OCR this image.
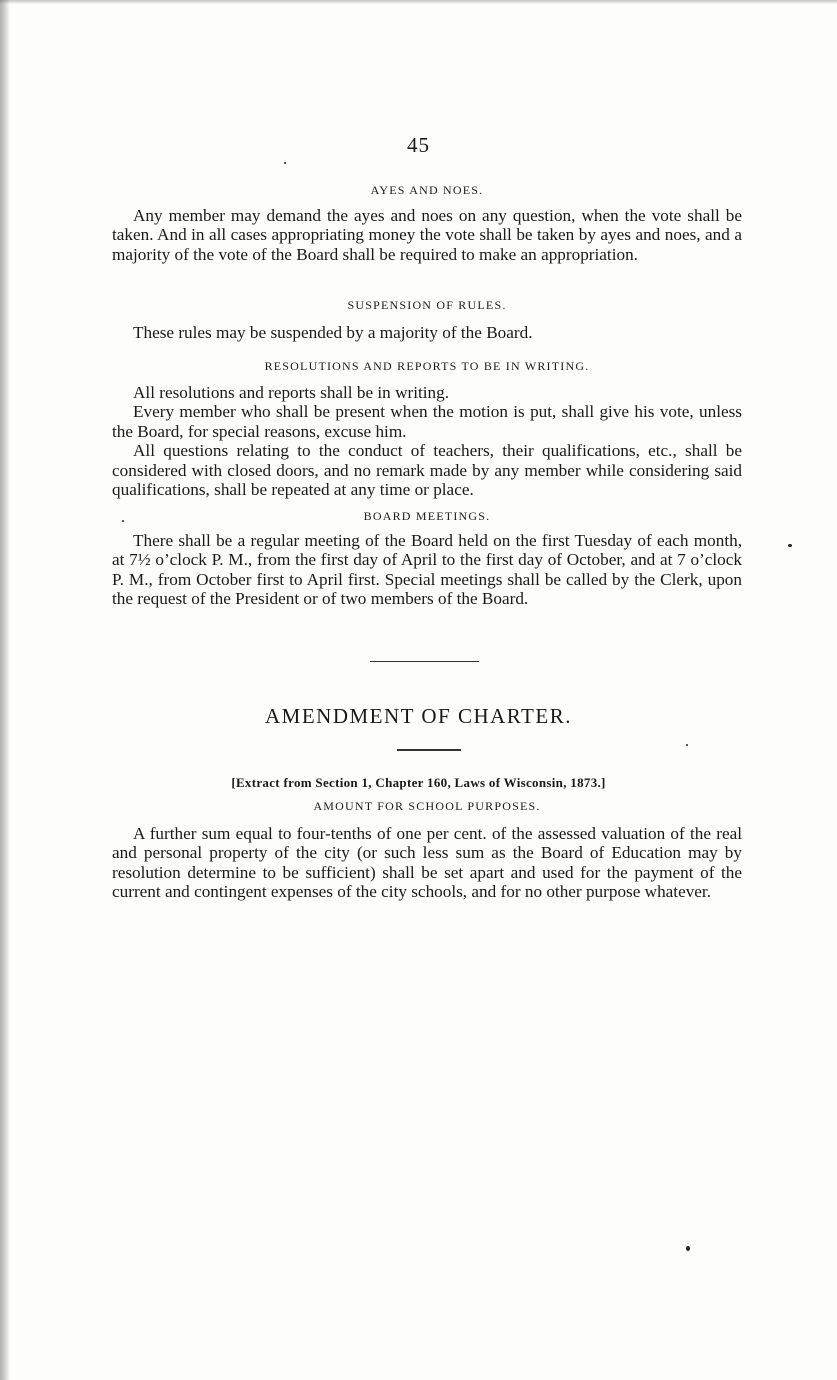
45

AYES AND NOES.

Any member may demand the ayes and noes on any question, when the vote shall be taken. And in all cases appropriating money the vote shall be taken by ayes and noes, and a majority of the vote of the Board shall be required to make an appropriation.

SUSPENSION OF RULES.

These rules may be suspended by a majority of the Board.

RESOLUTIONS AND REPORTS TO BE IN WRITING.

All resolutions and reports shall be in writing.

Every member who shall be present when the motion is put, shall give his vote, unless the Board, for special reasons, excuse him.

All questions relating to the conduct of teachers, their qualifications, etc., shall be considered with closed doors, and no remark made by any member while considering said qualifications, shall be repeated at any time or place.

BOARD MEETINGS.

There shall be a regular meeting of the Board held on the first Tuesday of each month, at 7½ o’clock P. M., from the first day of April to the first day of October, and at 7 o’clock P. M., from October first to April first. Special meetings shall be called by the Clerk, upon the request of the President or of two members of the Board.

AMENDMENT OF CHARTER.
[Extract from Section 1, Chapter 160, Laws of Wisconsin, 1873.]

AMOUNT FOR SCHOOL PURPOSES.

A further sum equal to four-tenths of one per cent. of the assessed valuation of the real and personal property of the city (or such less sum as the Board of Education may by resolution determine to be sufficient) shall be set apart and used for the payment of the current and contingent expenses of the city schools, and for no other purpose whatever.
